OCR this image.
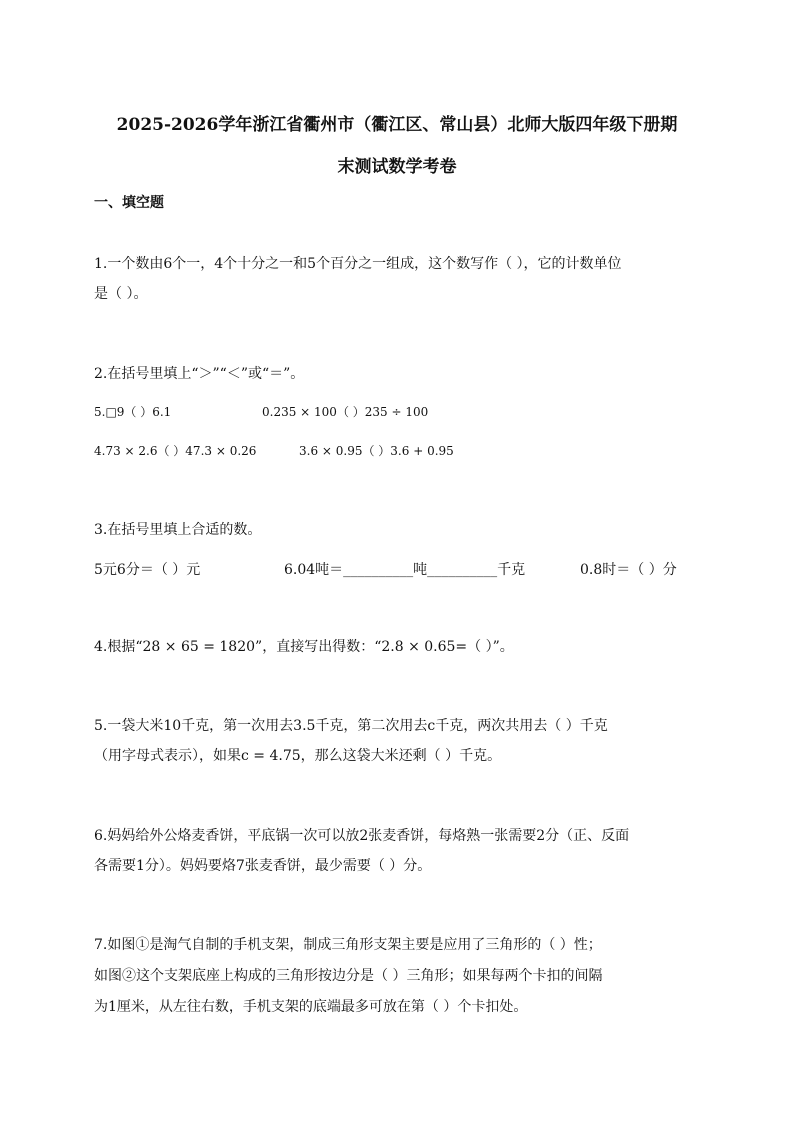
2025-2026学年浙江省衢州市（衢江区、常山县）北师大版四年级下册期
末测试数学考卷
一、填空题

1.一个数由6个一，4个十分之一和5个百分之一组成，这个数写作（ ），它的计数单位

是（ ）。

2.在括号里填上“＞”“＜”或“＝”。

5.□9（ ）6.1	0.235 × 100（ ）235 ÷ 100
4.73 × 2.6（ ）47.3 × 0.26	3.6 × 0.95（ ）3.6 + 0.95

3.在括号里填上合适的数。

5元6分＝（ ）元	6.04吨＝__________吨__________千克	0.8时＝（ ）分

4.根据“28 × 65 = 1820”，直接写出得数：“2.8 × 0.65=（ ）”。

5.一袋大米10千克，第一次用去3.5千克，第二次用去c千克，两次共用去（ ）千克

（用字母式表示），如果c = 4.75，那么这袋大米还剩（ ）千克。

6.妈妈给外公烙麦香饼，平底锅一次可以放2张麦香饼，每烙熟一张需要2分（正、反面

各需要1分）。妈妈要烙7张麦香饼，最少需要（ ）分。

7.如图①是淘气自制的手机支架，制成三角形支架主要是应用了三角形的（ ）性；

如图②这个支架底座上构成的三角形按边分是（ ）三角形；如果每两个卡扣的间隔

为1厘米，从左往右数，手机支架的底端最多可放在第（ ）个卡扣处。
